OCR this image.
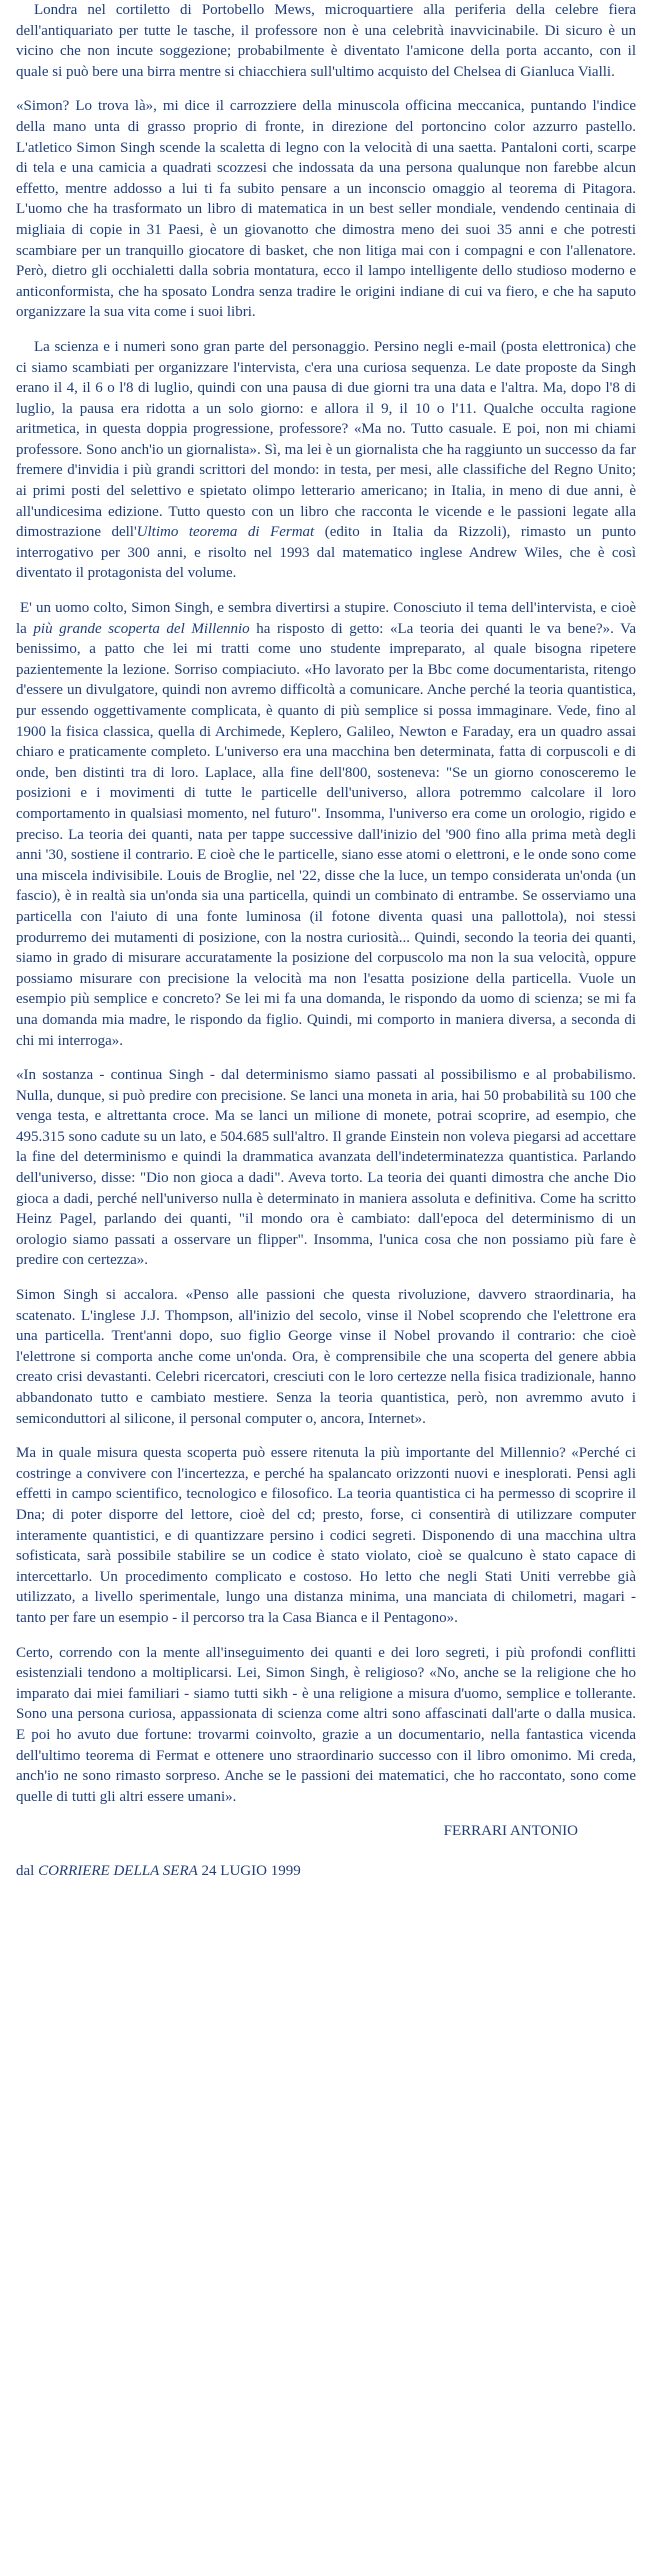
Londra nel cortiletto di Portobello Mews, microquartiere alla periferia della celebre fiera dell'antiquariato per tutte le tasche, il professore non è una celebrità inavvicinabile. Di sicuro è un vicino che non incute soggezione; probabilmente è diventato l'amicone della porta accanto, con il quale si può bere una birra mentre si chiacchiera sull'ultimo acquisto del Chelsea di Gianluca Vialli.

«Simon? Lo trova là», mi dice il carrozziere della minuscola officina meccanica, puntando l'indice della mano unta di grasso proprio di fronte, in direzione del portoncino color azzurro pastello. L'atletico Simon Singh scende la scaletta di legno con la velocità di una saetta. Pantaloni corti, scarpe di tela e una camicia a quadrati scozzesi che indossata da una persona qualunque non farebbe alcun effetto, mentre addosso a lui ti fa subito pensare a un inconscio omaggio al teorema di Pitagora. L'uomo che ha trasformato un libro di matematica in un best seller mondiale, vendendo centinaia di migliaia di copie in 31 Paesi, è un giovanotto che dimostra meno dei suoi 35 anni e che potresti scambiare per un tranquillo giocatore di basket, che non litiga mai con i compagni e con l'allenatore. Però, dietro gli occhialetti dalla sobria montatura, ecco il lampo intelligente dello studioso moderno e anticonformista, che ha sposato Londra senza tradire le origini indiane di cui va fiero, e che ha saputo organizzare la sua vita come i suoi libri.

La scienza e i numeri sono gran parte del personaggio. Persino negli e-mail (posta elettronica) che ci siamo scambiati per organizzare l'intervista, c'era una curiosa sequenza. Le date proposte da Singh erano il 4, il 6 o l'8 di luglio, quindi con una pausa di due giorni tra una data e l'altra. Ma, dopo l'8 di luglio, la pausa era ridotta a un solo giorno: e allora il 9, il 10 o l'11. Qualche occulta ragione aritmetica, in questa doppia progressione, professore? «Ma no. Tutto casuale. E poi, non mi chiami professore. Sono anch'io un giornalista». Sì, ma lei è un giornalista che ha raggiunto un successo da far fremere d'invidia i più grandi scrittori del mondo: in testa, per mesi, alle classifiche del Regno Unito; ai primi posti del selettivo e spietato olimpo letterario americano; in Italia, in meno di due anni, è all'undicesima edizione. Tutto questo con un libro che racconta le vicende e le passioni legate alla dimostrazione dell'Ultimo teorema di Fermat (edito in Italia da Rizzoli), rimasto un punto interrogativo per 300 anni, e risolto nel 1993 dal matematico inglese Andrew Wiles, che è così diventato il protagonista del volume.

E' un uomo colto, Simon Singh, e sembra divertirsi a stupire. Conosciuto il tema dell'intervista, e cioè la più grande scoperta del Millennio ha risposto di getto: «La teoria dei quanti le va bene?». Va benissimo, a patto che lei mi tratti come uno studente impreparato, al quale bisogna ripetere pazientemente la lezione. Sorriso compiaciuto. «Ho lavorato per la Bbc come documentarista, ritengo d'essere un divulgatore, quindi non avremo difficoltà a comunicare. Anche perché la teoria quantistica, pur essendo oggettivamente complicata, è quanto di più semplice si possa immaginare. Vede, fino al 1900 la fisica classica, quella di Archimede, Keplero, Galileo, Newton e Faraday, era un quadro assai chiaro e praticamente completo. L'universo era una macchina ben determinata, fatta di corpuscoli e di onde, ben distinti tra di loro. Laplace, alla fine dell'800, sosteneva: "Se un giorno conosceremo le posizioni e i movimenti di tutte le particelle dell'universo, allora potremmo calcolare il loro comportamento in qualsiasi momento, nel futuro". Insomma, l'universo era come un orologio, rigido e preciso. La teoria dei quanti, nata per tappe successive dall'inizio del '900 fino alla prima metà degli anni '30, sostiene il contrario. E cioè che le particelle, siano esse atomi o elettroni, e le onde sono come una miscela indivisibile. Louis de Broglie, nel '22, disse che la luce, un tempo considerata un'onda (un fascio), è in realtà sia un'onda sia una particella, quindi un combinato di entrambe. Se osserviamo una particella con l'aiuto di una fonte luminosa (il fotone diventa quasi una pallottola), noi stessi produrremo dei mutamenti di posizione, con la nostra curiosità... Quindi, secondo la teoria dei quanti, siamo in grado di misurare accuratamente la posizione del corpuscolo ma non la sua velocità, oppure possiamo misurare con precisione la velocità ma non l'esatta posizione della particella. Vuole un esempio più semplice e concreto? Se lei mi fa una domanda, le rispondo da uomo di scienza; se mi fa una domanda mia madre, le rispondo da figlio. Quindi, mi comporto in maniera diversa, a seconda di chi mi interroga».

«In sostanza - continua Singh - dal determinismo siamo passati al possibilismo e al probabilismo. Nulla, dunque, si può predire con precisione. Se lanci una moneta in aria, hai 50 probabilità su 100 che venga testa, e altrettanta croce. Ma se lanci un milione di monete, potrai scoprire, ad esempio, che 495.315 sono cadute su un lato, e 504.685 sull'altro. Il grande Einstein non voleva piegarsi ad accettare la fine del determinismo e quindi la drammatica avanzata dell'indeterminatezza quantistica. Parlando dell'universo, disse: "Dio non gioca a dadi". Aveva torto. La teoria dei quanti dimostra che anche Dio gioca a dadi, perché nell'universo nulla è determinato in maniera assoluta e definitiva. Come ha scritto Heinz Pagel, parlando dei quanti, "il mondo ora è cambiato: dall'epoca del determinismo di un orologio siamo passati a osservare un flipper". Insomma, l'unica cosa che non possiamo più fare è predire con certezza».

Simon Singh si accalora. «Penso alle passioni che questa rivoluzione, davvero straordinaria, ha scatenato. L'inglese J.J. Thompson, all'inizio del secolo, vinse il Nobel scoprendo che l'elettrone era una particella. Trent'anni dopo, suo figlio George vinse il Nobel provando il contrario: che cioè l'elettrone si comporta anche come un'onda. Ora, è comprensibile che una scoperta del genere abbia creato crisi devastanti. Celebri ricercatori, cresciuti con le loro certezze nella fisica tradizionale, hanno abbandonato tutto e cambiato mestiere. Senza la teoria quantistica, però, non avremmo avuto i semiconduttori al silicone, il personal computer o, ancora, Internet».

Ma in quale misura questa scoperta può essere ritenuta la più importante del Millennio? «Perché ci costringe a convivere con l'incertezza, e perché ha spalancato orizzonti nuovi e inesplorati. Pensi agli effetti in campo scientifico, tecnologico e filosofico. La teoria quantistica ci ha permesso di scoprire il Dna; di poter disporre del lettore, cioè del cd; presto, forse, ci consentirà di utilizzare computer interamente quantistici, e di quantizzare persino i codici segreti. Disponendo di una macchina ultra sofisticata, sarà possibile stabilire se un codice è stato violato, cioè se qualcuno è stato capace di intercettarlo. Un procedimento complicato e costoso. Ho letto che negli Stati Uniti verrebbe già utilizzato, a livello sperimentale, lungo una distanza minima, una manciata di chilometri, magari - tanto per fare un esempio - il percorso tra la Casa Bianca e il Pentagono».

Certo, correndo con la mente all'inseguimento dei quanti e dei loro segreti, i più profondi conflitti esistenziali tendono a moltiplicarsi. Lei, Simon Singh, è religioso? «No, anche se la religione che ho imparato dai miei familiari - siamo tutti sikh - è una religione a misura d'uomo, semplice e tollerante. Sono una persona curiosa, appassionata di scienza come altri sono affascinati dall'arte o dalla musica. E poi ho avuto due fortune: trovarmi coinvolto, grazie a un documentario, nella fantastica vicenda dell'ultimo teorema di Fermat e ottenere uno straordinario successo con il libro omonimo. Mi creda, anch'io ne sono rimasto sorpreso. Anche se le passioni dei matematici, che ho raccontato, sono come quelle di tutti gli altri essere umani».

FERRARI ANTONIO

dal CORRIERE DELLA SERA 24 LUGIO 1999
